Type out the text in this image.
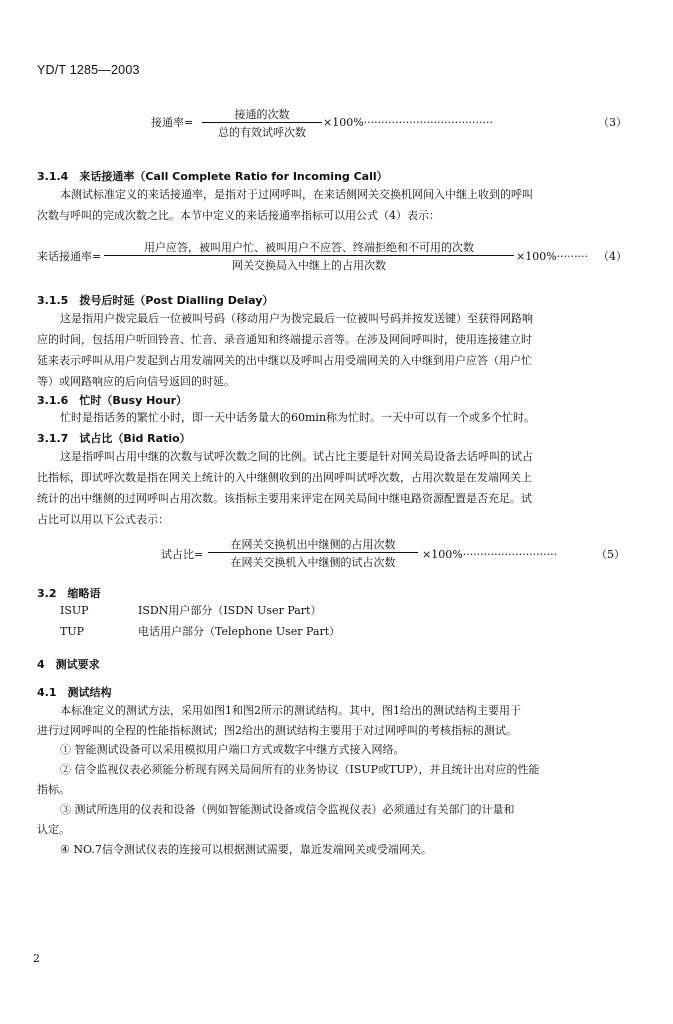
YD/T 1285—2003
接通率=
接通的次数
总的有效试呼次数
×100%·····································	（3）
3.1.4　来话接通率（Call Complete Ratio for Incoming Call）
本测试标准定义的来话接通率，是指对于过网呼叫，在来话侧网关交换机网间入中继上收到的呼叫
次数与呼叫的完成次数之比。本节中定义的来话接通率指标可以用公式（4）表示：
来话接通率=
用户应答，被叫用户忙、被叫用户不应答、终端拒绝和不可用的次数
网关交换局入中继上的占用次数
×100%········· （4）
3.1.5　拨号后时延（Post Dialling Delay）
这是指用户拨完最后一位被叫号码（移动用户为拨完最后一位被叫号码并按发送键）至获得网路响
应的时间，包括用户听回铃音、忙音、录音通知和终端提示音等。在涉及网间呼叫时，使用连接建立时
延来表示呼叫从用户发起到占用发端网关的出中继以及呼叫占用受端网关的入中继到用户应答（用户忙
等）或网路响应的后向信号返回的时延。
3.1.6　忙时（Busy Hour）
忙时是指话务的繁忙小时，即一天中话务量大的60min称为忙时。一天中可以有一个或多个忙时。
3.1.7　试占比（Bid Ratio）
这是指呼叫占用中继的次数与试呼次数之间的比例。试占比主要是针对网关局设备去话呼叫的试占
比指标，即试呼次数是指在网关上统计的入中继侧收到的出网呼叫试呼次数，占用次数是在发端网关上
统计的出中继侧的过网呼叫占用次数。该指标主要用来评定在网关局间中继电路资源配置是否充足。试
占比可以用以下公式表示：
试占比=
在网关交换机出中继侧的占用次数
在网关交换机入中继侧的试占次数
×100%···························	（5）
3.2　缩略语
ISUP	ISDN用户部分（ISDN User Part）
TUP	电话用户部分（Telephone User Part）
4　测试要求
4.1　测试结构
本标准定义的测试方法，采用如图1和图2所示的测试结构。其中，图1给出的测试结构主要用于
进行过网呼叫的全程的性能指标测试；图2给出的测试结构主要用于对过网呼叫的考核指标的测试。
① 智能测试设备可以采用模拟用户端口方式或数字中继方式接入网络。
② 信令监视仪表必须能分析现有网关局间所有的业务协议（ISUP或TUP），并且统计出对应的性能
指标。
③ 测试所选用的仪表和设备（例如智能测试设备或信令监视仪表）必须通过有关部门的计量和
认定。
④ NO.7信令测试仪表的连接可以根据测试需要，靠近发端网关或受端网关。
2
